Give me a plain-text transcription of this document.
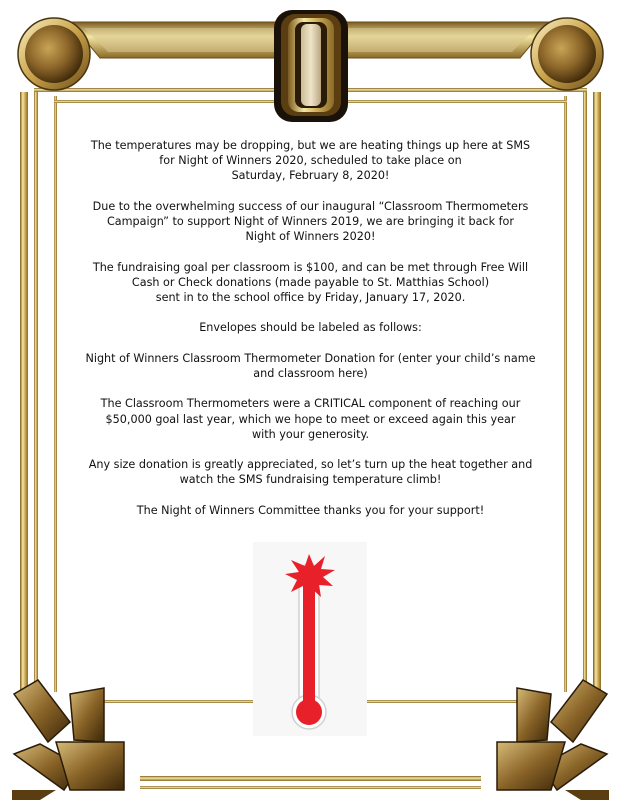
The temperatures may be dropping, but we are heating things up here at SMS
for Night of Winners 2020, scheduled to take place on
Saturday, February 8, 2020!

Due to the overwhelming success of our inaugural “Classroom Thermometers
Campaign” to support Night of Winners 2019, we are bringing it back for
Night of Winners 2020!

The fundraising goal per classroom is $100, and can be met through Free Will
Cash or Check donations (made payable to St. Matthias School)
sent in to the school office by Friday, January 17, 2020.

Envelopes should be labeled as follows:

Night of Winners Classroom Thermometer Donation for (enter your child’s name
and classroom here)

The Classroom Thermometers were a CRITICAL component of reaching our
$50,000 goal last year, which we hope to meet or exceed again this year
with your generosity.

Any size donation is greatly appreciated, so let’s turn up the heat together and
watch the SMS fundraising temperature climb!

The Night of Winners Committee thanks you for your support!
